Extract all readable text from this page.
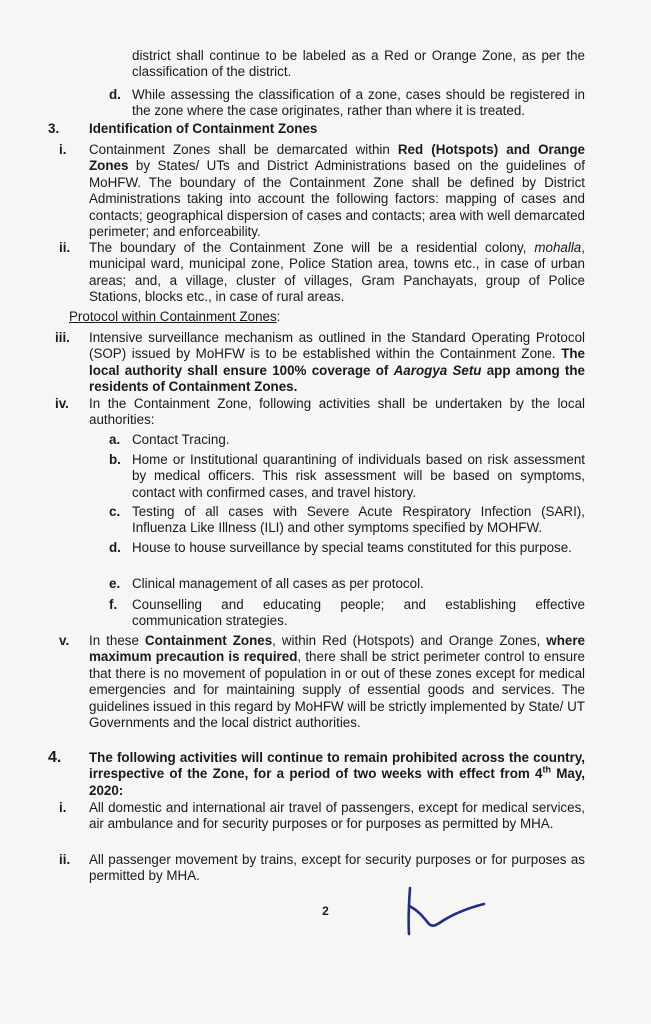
district shall continue to be labeled as a Red or Orange Zone, as per the classification of the district.
d. While assessing the classification of a zone, cases should be registered in the zone where the case originates, rather than where it is treated.
3.	Identification of Containment Zones
i.	Containment Zones shall be demarcated within Red (Hotspots) and Orange Zones by States/ UTs and District Administrations based on the guidelines of MoHFW. The boundary of the Containment Zone shall be defined by District Administrations taking into account the following factors: mapping of cases and contacts; geographical dispersion of cases and contacts; area with well demarcated perimeter; and enforceability.
ii.	The boundary of the Containment Zone will be a residential colony, mohalla, municipal ward, municipal zone, Police Station area, towns etc., in case of urban areas; and, a village, cluster of villages, Gram Panchayats, group of Police Stations, blocks etc., in case of rural areas.
Protocol within Containment Zones :
iii.	Intensive surveillance mechanism as outlined in the Standard Operating Protocol (SOP) issued by MoHFW is to be established within the Containment Zone. The local authority shall ensure 100% coverage of Aarogya Setu app among the residents of Containment Zones.
iv.	In the Containment Zone, following activities shall be undertaken by the local authorities:
a. Contact Tracing.
b. Home or Institutional quarantining of individuals based on risk assessment by medical officers. This risk assessment will be based on symptoms, contact with confirmed cases, and travel history.
c. Testing of all cases with Severe Acute Respiratory Infection (SARI), Influenza Like Illness (ILI) and other symptoms specified by MOHFW.
d. House to house surveillance by special teams constituted for this purpose.
e. Clinical management of all cases as per protocol.
f.	Counselling and educating people; and establishing effective communication strategies.
v.	In these Containment Zones, within Red (Hotspots) and Orange Zones, where maximum precaution is required, there shall be strict perimeter control to ensure that there is no movement of population in or out of these zones except for medical emergencies and for maintaining supply of essential goods and services. The guidelines issued in this regard by MoHFW will be strictly implemented by State/ UT Governments and the local district authorities.
4.	The following activities will continue to remain prohibited across the country, irrespective of the Zone, for a period of two weeks with effect from 4th May, 2020:
i.	All domestic and international air travel of passengers, except for medical services, air ambulance and for security purposes or for purposes as permitted by MHA.
ii.	All passenger movement by trains, except for security purposes or for purposes as permitted by MHA.
2
